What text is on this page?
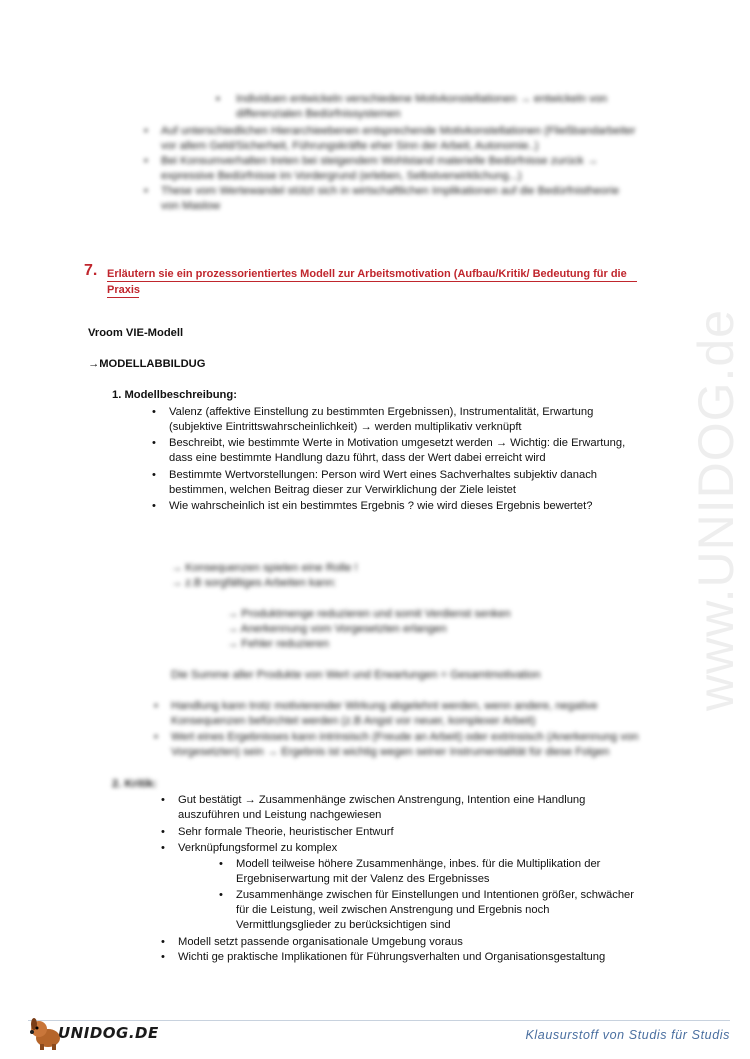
www.UNIDOG.de
▪ Individuen entwickeln verschiedene Motivkonstellationen → entwickeln von differenzialen Bedürfnissystemen
• Auf unterschiedlichen Hierarchieebenen entsprechende Motivkonstellationen (Fließbandarbeiter
vor allem Geld/Sicherheit, Führungskräfte eher Sinn der Arbeit, Autonomie..)
• Bei Konsumverhalten treten bei steigendem Wohlstand materielle Bedürfnisse zurück →
expressive Bedürfnisse im Vordergrund (erleben, Selbstverwirklichung...)
• These vom Wertewandel stützt sich in wirtschaftlichen Implikationen auf die Bedürfnistheorie
von Maslow
7. Erläutern sie ein prozessorientiertes Modell zur Arbeitsmotivation (Aufbau/Kritik/ Bedeutung für die
Praxis
Vroom VIE-Modell
→MODELLABBILDUG
1. Modellbeschreibung:
• Valenz (affektive Einstellung zu bestimmten Ergebnissen), Instrumentalität, Erwartung
(subjektive Eintrittswahrscheinlichkeit) → werden multiplikativ verknüpft
• Beschreibt, wie bestimmte Werte in Motivation umgesetzt werden → Wichtig: die Erwartung,
dass eine bestimmte Handlung dazu führt, dass der Wert dabei erreicht wird
• Bestimmte Wertvorstellungen: Person wird Wert eines Sachverhaltes subjektiv danach
bestimmen, welchen Beitrag dieser zur Verwirklichung der Ziele leistet
• Wie wahrscheinlich ist ein bestimmtes Ergebnis ? wie wird dieses Ergebnis bewertet?
→ Konsequenzen spielen eine Rolle !
→ z.B sorgfältiges Arbeiten kann:
→ Produktmenge reduzieren und somit Verdienst senken
→ Anerkennung vom Vorgesetzten erlangen
→ Fehler reduzieren
Die Summe aller Produkte von Wert und Erwartungen = Gesamtmotivation
• Handlung kann trotz motivierender Wirkung abgelehnt werden, wenn andere, negative
Konsequenzen befürchtet werden (z.B Angst vor neuer, komplexer Arbeit)
• Wert eines Ergebnisses kann intrinsisch (Freude an Arbeit) oder extrinsisch (Anerkennung von
Vorgesetzten) sein → Ergebnis ist wichtig wegen seiner Instrumentalität für diese Folgen
2. Kritik:
• Gut bestätigt → Zusammenhänge zwischen Anstrengung, Intention eine Handlung
auszuführen und Leistung nachgewiesen
• Sehr formale Theorie, heuristischer Entwurf
• Verknüpfungsformel zu komplex
• Modell teilweise höhere Zusammenhänge, inbes. für die Multiplikation der
Ergebniserwartung mit der Valenz des Ergebnisses
• Zusammenhänge zwischen für Einstellungen und Intentionen größer, schwächer
für die Leistung, weil zwischen Anstrengung und Ergebnis noch
Vermittlungsglieder zu berücksichtigen sind
• Modell setzt passende organisationale Umgebung voraus
• Wichti ge praktische Implikationen für Führungsverhalten und Organisationsgestaltung
UNIDOG.DE	Klausurstoff von Studis für Studis
